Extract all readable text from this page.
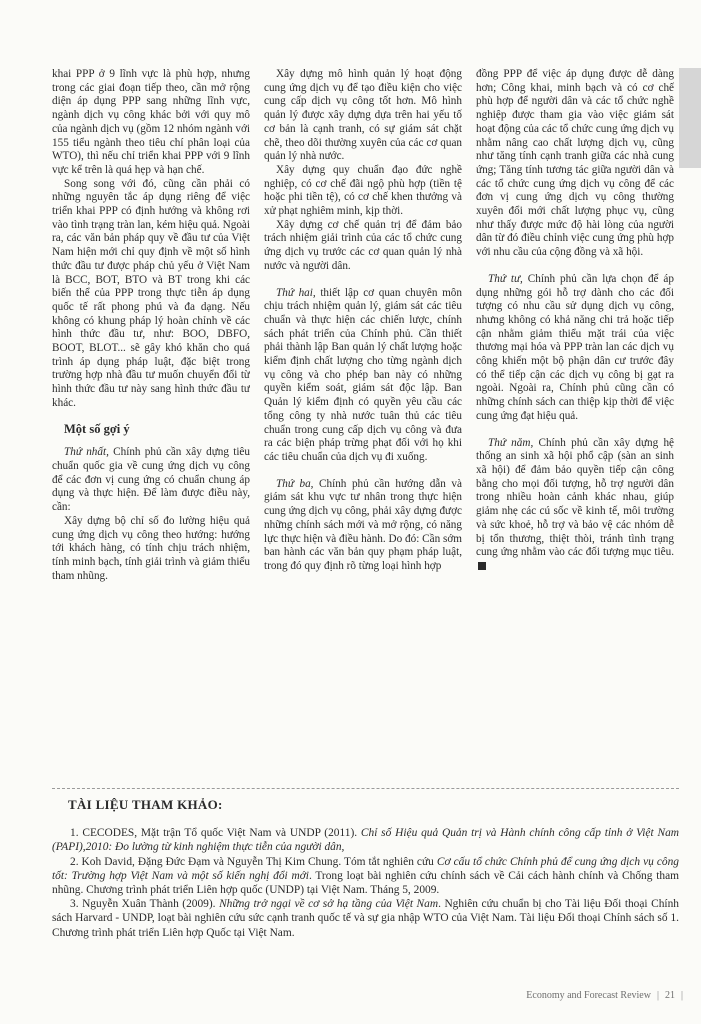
khai PPP ở 9 lĩnh vực là phù hợp, nhưng trong các giai đoạn tiếp theo, cần mở rộng diện áp dụng PPP sang những lĩnh vực, ngành dịch vụ công khác bởi với quy mô của ngành dịch vụ (gồm 12 nhóm ngành với 155 tiểu ngành theo tiêu chí phân loại của WTO), thì nếu chỉ triển khai PPP với 9 lĩnh vực kể trên là quá hẹp và hạn chế.

Song song với đó, cũng cần phải có những nguyên tắc áp dụng riêng để việc triển khai PPP có định hướng và không rơi vào tình trạng tràn lan, kém hiệu quả. Ngoài ra, các văn bản pháp quy về đầu tư của Việt Nam hiện mới chỉ quy định về một số hình thức đầu tư được pháp chủ yếu ở Việt Nam là BCC, BOT, BTO và BT trong khi các biến thể của PPP trong thực tiễn áp dụng quốc tế rất phong phú và đa dạng. Nếu không có khung pháp lý hoàn chỉnh về các hình thức đầu tư, như: BOO, DBFO, BOOT, BLOT... sẽ gây khó khăn cho quá trình áp dụng pháp luật, đặc biệt trong trường hợp nhà đầu tư muốn chuyển đổi từ hình thức đầu tư này sang hình thức đầu tư khác.

Một số gợi ý

Thứ nhất, Chính phủ cần xây dựng tiêu chuẩn quốc gia về cung ứng dịch vụ công để các đơn vị cung ứng có chuẩn chung áp dụng và thực hiện. Để làm được điều này, cần:

Xây dựng bộ chỉ số đo lường hiệu quả cung ứng dịch vụ công theo hướng: hướng tới khách hàng, có tính chịu trách nhiệm, tính minh bạch, tính giải trình và giảm thiểu tham nhũng.

Xây dựng mô hình quản lý hoạt động cung ứng dịch vụ để tạo điều kiện cho việc cung cấp dịch vụ công tốt hơn. Mô hình quản lý được xây dựng dựa trên hai yếu tố cơ bản là cạnh tranh, có sự giám sát chặt chẽ, theo dõi thường xuyên của các cơ quan quản lý nhà nước.

Xây dựng quy chuẩn đạo đức nghề nghiệp, có cơ chế đãi ngộ phù hợp (tiền tệ hoặc phi tiền tệ), có cơ chế khen thưởng và xử phạt nghiêm minh, kịp thời.

Xây dựng cơ chế quản trị để đảm bảo trách nhiệm giải trình của các tổ chức cung ứng dịch vụ trước các cơ quan quản lý nhà nước và người dân.

Thứ hai, thiết lập cơ quan chuyên môn chịu trách nhiệm quản lý, giám sát các tiêu chuẩn và thực hiện các chiến lược, chính sách phát triển của Chính phủ. Cần thiết phải thành lập Ban quản lý chất lượng hoặc kiểm định chất lượng cho từng ngành dịch vụ công và cho phép ban này có những quyền kiểm soát, giám sát độc lập. Ban Quản lý kiểm định có quyền yêu cầu các tổng công ty nhà nước tuân thủ các tiêu chuẩn trong cung cấp dịch vụ công và đưa ra các biện pháp trừng phạt đối với họ khi các tiêu chuẩn của dịch vụ đi xuống.

Thứ ba, Chính phủ cần hướng dẫn và giám sát khu vực tư nhân trong thực hiện cung ứng dịch vụ công, phải xây dựng được những chính sách mới và mở rộng, có năng lực thực hiện và điều hành. Do đó: Cần sớm ban hành các văn bản quy phạm pháp luật, trong đó quy định rõ từng loại hình hợp

đồng PPP để việc áp dụng được dễ dàng hơn; Công khai, minh bạch và có cơ chế phù hợp để người dân và các tổ chức nghề nghiệp được tham gia vào việc giám sát hoạt động của các tổ chức cung ứng dịch vụ nhằm nâng cao chất lượng dịch vụ, cũng như tăng tính cạnh tranh giữa các nhà cung ứng; Tăng tính tương tác giữa người dân và các tổ chức cung ứng dịch vụ công để các đơn vị cung ứng dịch vụ công thường xuyên đổi mới chất lượng phục vụ, cũng như thấy được mức độ hài lòng của người dân từ đó điều chỉnh việc cung ứng phù hợp với nhu cầu của cộng đồng và xã hội.

Thứ tư, Chính phủ cần lựa chọn để áp dụng những gói hỗ trợ dành cho các đối tượng có nhu cầu sử dụng dịch vụ công, nhưng không có khả năng chi trả hoặc tiếp cận nhằm giảm thiểu mặt trái của việc thương mại hóa và PPP tràn lan các dịch vụ công khiến một bộ phận dân cư trước đây có thể tiếp cận các dịch vụ công bị gạt ra ngoài. Ngoài ra, Chính phủ cũng cần có những chính sách can thiệp kịp thời để việc cung ứng đạt hiệu quả.

Thứ năm, Chính phủ cần xây dựng hệ thống an sinh xã hội phổ cập (sàn an sinh xã hội) để đảm bảo quyền tiếp cận công bằng cho mọi đối tượng, hỗ trợ người dân trong nhiều hoàn cảnh khác nhau, giúp giảm nhẹ các cú sốc về kinh tế, môi trường và sức khoẻ, hỗ trợ và bảo vệ các nhóm dễ bị tổn thương, thiệt thòi, tránh tình trạng cung ứng nhằm vào các đối tượng mục tiêu.

TÀI LIỆU THAM KHẢO:

1. CECODES, Mặt trận Tổ quốc Việt Nam và UNDP (2011). Chỉ số Hiệu quả Quản trị và Hành chính công cấp tỉnh ở Việt Nam (PAPI),2010: Đo lường từ kinh nghiệm thực tiễn của người dân,

2. Koh David, Đặng Đức Đạm và Nguyễn Thị Kim Chung. Tóm tắt nghiên cứu Cơ cấu tổ chức Chính phủ để cung ứng dịch vụ công tốt: Trường hợp Việt Nam và một số kiến nghị đổi mới. Trong loạt bài nghiên cứu chính sách về Cải cách hành chính và Chống tham nhũng. Chương trình phát triển Liên hợp quốc (UNDP) tại Việt Nam. Tháng 5, 2009.

3. Nguyễn Xuân Thành (2009). Những trở ngại về cơ sở hạ tầng của Việt Nam. Nghiên cứu chuẩn bị cho Tài liệu Đối thoại Chính sách Harvard - UNDP, loạt bài nghiên cứu sức cạnh tranh quốc tế và sự gia nhập WTO của Việt Nam. Tài liệu Đối thoại Chính sách số 1. Chương trình phát triển Liên hợp Quốc tại Việt Nam.

Economy and Forecast Review | 21 |
